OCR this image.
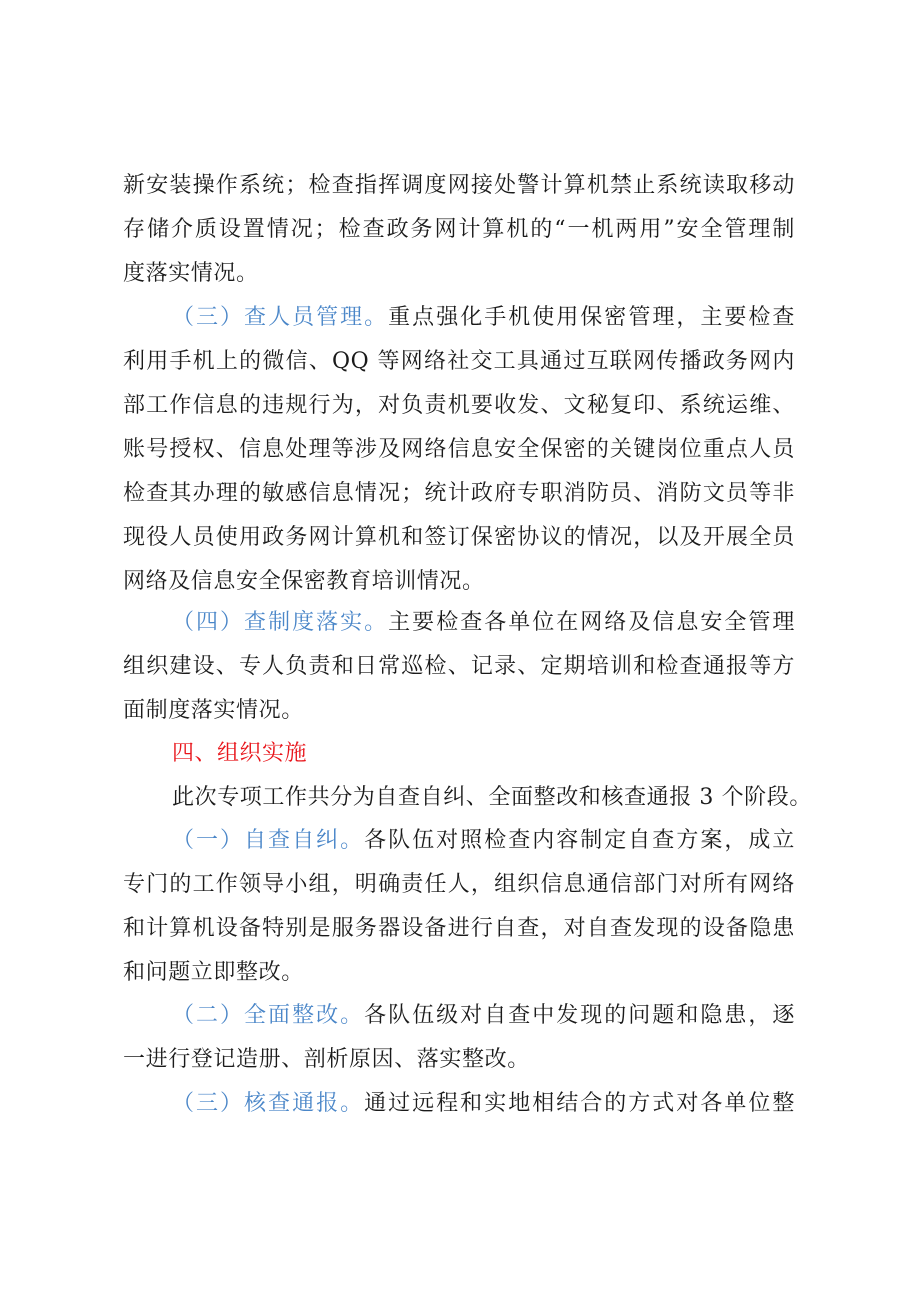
新安装操作系统；检查指挥调度网接处警计算机禁止系统读取移动
存储介质设置情况；检查政务网计算机的“一机两用”安全管理制
度落实情况。
（三）查人员管理。重点强化手机使用保密管理，主要检查
利用手机上的微信、QQ 等网络社交工具通过互联网传播政务网内
部工作信息的违规行为，对负责机要收发、文秘复印、系统运维、
账号授权、信息处理等涉及网络信息安全保密的关键岗位重点人员
检查其办理的敏感信息情况；统计政府专职消防员、消防文员等非
现役人员使用政务网计算机和签订保密协议的情况，以及开展全员
网络及信息安全保密教育培训情况。
（四）查制度落实。主要检查各单位在网络及信息安全管理
组织建设、专人负责和日常巡检、记录、定期培训和检查通报等方
面制度落实情况。
四、组织实施
此次专项工作共分为自查自纠、全面整改和核查通报 3 个阶段。
（一）自查自纠。各队伍对照检查内容制定自查方案，成立
专门的工作领导小组，明确责任人，组织信息通信部门对所有网络
和计算机设备特别是服务器设备进行自查，对自查发现的设备隐患
和问题立即整改。
（二）全面整改。各队伍级对自查中发现的问题和隐患，逐
一进行登记造册、剖析原因、落实整改。
（三）核查通报。通过远程和实地相结合的方式对各单位整
